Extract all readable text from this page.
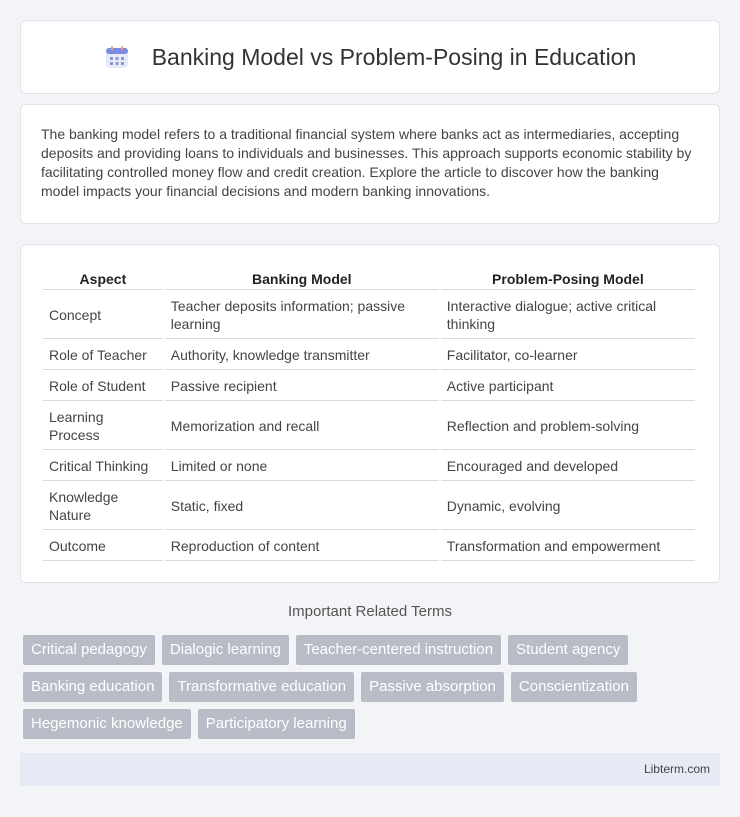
Banking Model vs Problem-Posing in Education

The banking model refers to a traditional financial system where banks act as intermediaries, accepting deposits and providing loans to individuals and businesses. This approach supports economic stability by facilitating controlled money flow and credit creation. Explore the article to discover how the banking model impacts your financial decisions and modern banking innovations.

Aspect	Banking Model	Problem-Posing Model
Concept	Teacher deposits information; passive learning	Interactive dialogue; active critical thinking
Role of Teacher	Authority, knowledge transmitter	Facilitator, co-learner
Role of Student	Passive recipient	Active participant
Learning Process	Memorization and recall	Reflection and problem-solving
Critical Thinking	Limited or none	Encouraged and developed
Knowledge Nature	Static, fixed	Dynamic, evolving
Outcome	Reproduction of content	Transformation and empowerment
Important Related Terms
Critical pedagogy	Dialogic learning	Teacher-centered instruction	Student agency
Banking education	Transformative education	Passive absorption	Conscientization
Hegemonic knowledge	Participatory learning
Libterm.com
